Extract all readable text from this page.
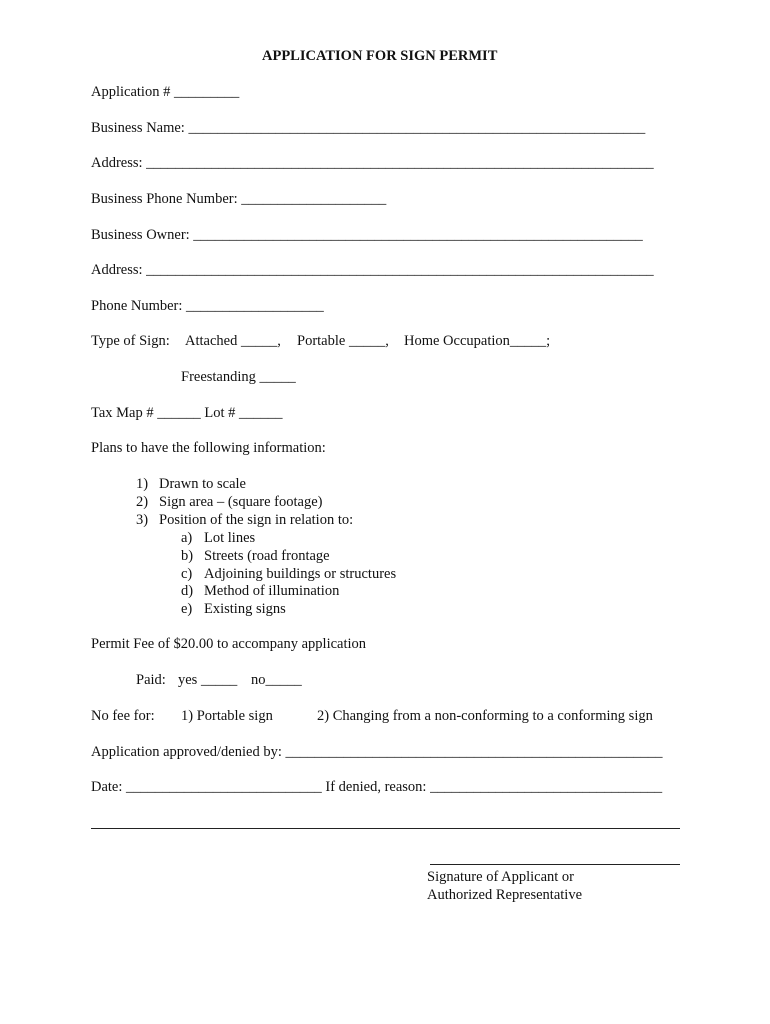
APPLICATION FOR SIGN PERMIT
Application # _________
Business Name: _______________________________________________________________
Address: ______________________________________________________________________
Business Phone Number: ____________________
Business Owner: ______________________________________________________________
Address: ______________________________________________________________________
Phone Number: ___________________
Type of Sign: Attached _____, Portable _____, Home Occupation_____;
Freestanding _____
Tax Map # ______ Lot # ______
Plans to have the following information:
1) Drawn to scale
2) Sign area – (square footage)
3) Position of the sign in relation to:
a) Lot lines
b) Streets (road frontage
c) Adjoining buildings or structures
d) Method of illumination
e) Existing signs
Permit Fee of $20.00 to accompany application
Paid: yes _____ no_____
No fee for: 1) Portable sign	2) Changing from a non-conforming to a conforming sign
Application approved/denied by: ____________________________________________________
Date: ___________________________ If denied, reason: ________________________________
Signature of Applicant or
Authorized Representative
